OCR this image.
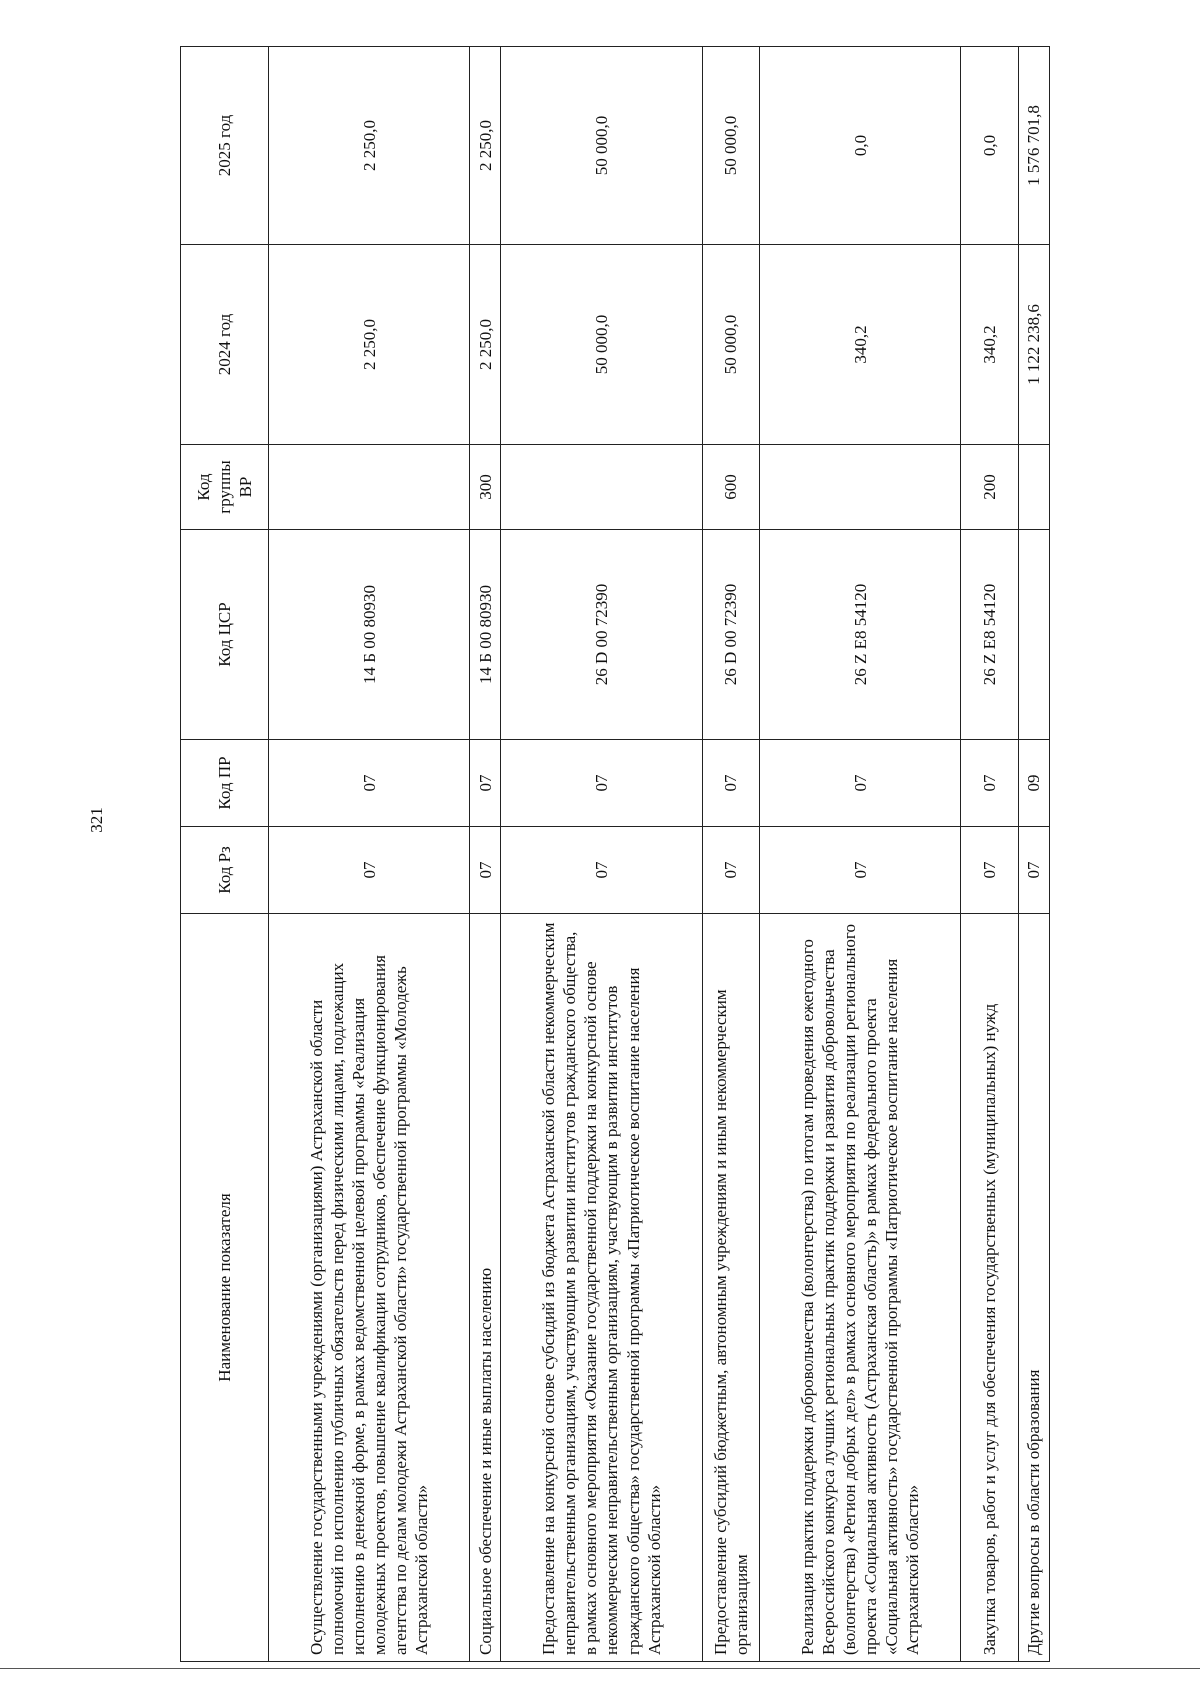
321
Наименование показателя	Код Рз	Код ПР	Код ЦСР	Код группы ВР	2024 год	2025 год
Осуществление государственными учреждениями (организациями) Астраханской области полномочий по исполнению публичных обязательств перед физическими лицами, подлежащих исполнению в денежной форме, в рамках ведомственной целевой программы «Реализация молодежных проектов, повышение квалификации сотрудников, обеспечение функционирования агентства по делам молодежи Астраханской области» государственной программы «Молодежь Астраханской области»	07	07	14 Б 00 80930		2 250,0	2 250,0
Социальное обеспечение и иные выплаты населению	07	07	14 Б 00 80930	300	2 250,0	2 250,0
Предоставление на конкурсной основе субсидий из бюджета Астраханской области некоммерческим неправительственным организациям, участвующим в развитии институтов гражданского общества, в рамках основного мероприятия «Оказание государственной поддержки на конкурсной основе некоммерческим неправительственным организациям, участвующим в развитии институтов гражданского общества» государственной программы «Патриотическое воспитание населения Астраханской области»	07	07	26 D 00 72390		50 000,0	50 000,0
Предоставление субсидий бюджетным, автономным учреждениям и иным некоммерческим организациям	07	07	26 D 00 72390	600	50 000,0	50 000,0
Реализация практик поддержки добровольчества (волонтерства) по итогам проведения ежегодного Всероссийского конкурса лучших региональных практик поддержки и развития добровольчества (волонтерства) «Регион добрых дел» в рамках основного мероприятия по реализации регионального проекта «Социальная активность (Астраханская область)» в рамках федерального проекта «Социальная активность» государственной программы «Патриотическое воспитание населения Астраханской области»	07	07	26 Z E8 54120		340,2	0,0
Закупка товаров, работ и услуг для обеспечения государственных (муниципальных) нужд	07	07	26 Z E8 54120	200	340,2	0,0
Другие вопросы в области образования	07	09			1 122 238,6	1 576 701,8
